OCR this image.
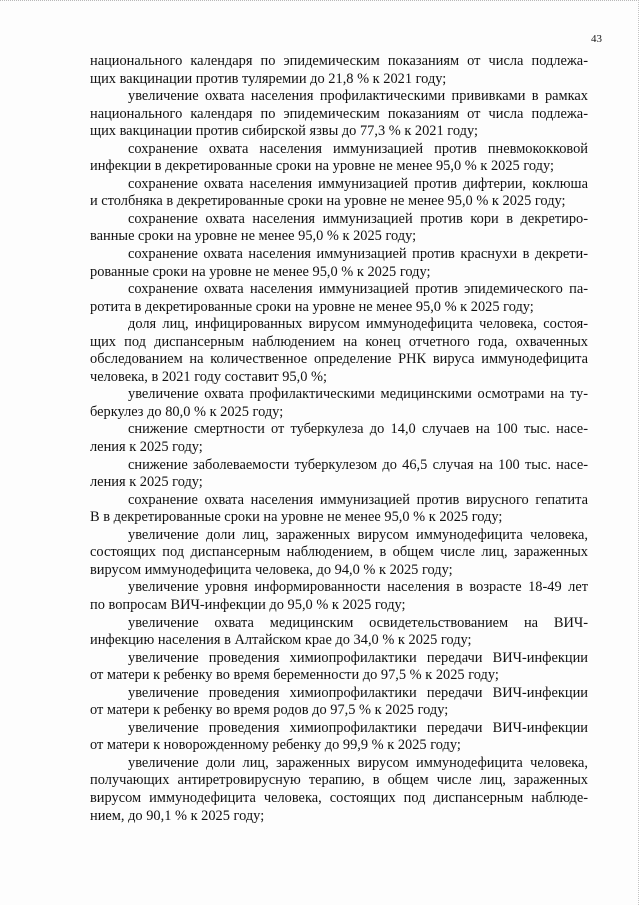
43
национального календаря по эпидемическим показаниям от числа подлежа-
щих вакцинации против туляремии до 21,8 % к 2021 году;
увеличение охвата населения профилактическими прививками в рамках
национального календаря по эпидемическим показаниям от числа подлежа-
щих вакцинации против сибирской язвы до 77,3 % к 2021 году;
сохранение охвата населения иммунизацией против пневмококковой
инфекции в декретированные сроки на уровне не менее 95,0 % к 2025 году;
сохранение охвата населения иммунизацией против дифтерии, коклюша
и столбняка в декретированные сроки на уровне не менее 95,0 % к 2025 году;
сохранение охвата населения иммунизацией против кори в декретиро-
ванные сроки на уровне не менее 95,0 % к 2025 году;
сохранение охвата населения иммунизацией против краснухи в декрети-
рованные сроки на уровне не менее 95,0 % к 2025 году;
сохранение охвата населения иммунизацией против эпидемического па-
ротита в декретированные сроки на уровне не менее 95,0 % к 2025 году;
доля лиц, инфицированных вирусом иммунодефицита человека, состоя-
щих под диспансерным наблюдением на конец отчетного года, охваченных
обследованием на количественное определение РНК вируса иммунодефицита
человека, в 2021 году составит 95,0 %;
увеличение охвата профилактическими медицинскими осмотрами на ту-
беркулез до 80,0 % к 2025 году;
снижение смертности от туберкулеза до 14,0 случаев на 100 тыс. насе-
ления к 2025 году;
снижение заболеваемости туберкулезом до 46,5 случая на 100 тыс. насе-
ления к 2025 году;
сохранение охвата населения иммунизацией против вирусного гепатита
В в декретированные сроки на уровне не менее 95,0 % к 2025 году;
увеличение доли лиц, зараженных вирусом иммунодефицита человека,
состоящих под диспансерным наблюдением, в общем числе лиц, зараженных
вирусом иммунодефицита человека, до 94,0 % к 2025 году;
увеличение уровня информированности населения в возрасте 18-49 лет
по вопросам ВИЧ-инфекции до 95,0 % к 2025 году;
увеличение охвата медицинским освидетельствованием на ВИЧ-
инфекцию населения в Алтайском крае до 34,0 % к 2025 году;
увеличение проведения химиопрофилактики передачи ВИЧ-инфекции
от матери к ребенку во время беременности до 97,5 % к 2025 году;
увеличение проведения химиопрофилактики передачи ВИЧ-инфекции
от матери к ребенку во время родов до 97,5 % к 2025 году;
увеличение проведения химиопрофилактики передачи ВИЧ-инфекции
от матери к новорожденному ребенку до 99,9 % к 2025 году;
увеличение доли лиц, зараженных вирусом иммунодефицита человека,
получающих антиретровирусную терапию, в общем числе лиц, зараженных
вирусом иммунодефицита человека, состоящих под диспансерным наблюде-
нием, до 90,1 % к 2025 году;
